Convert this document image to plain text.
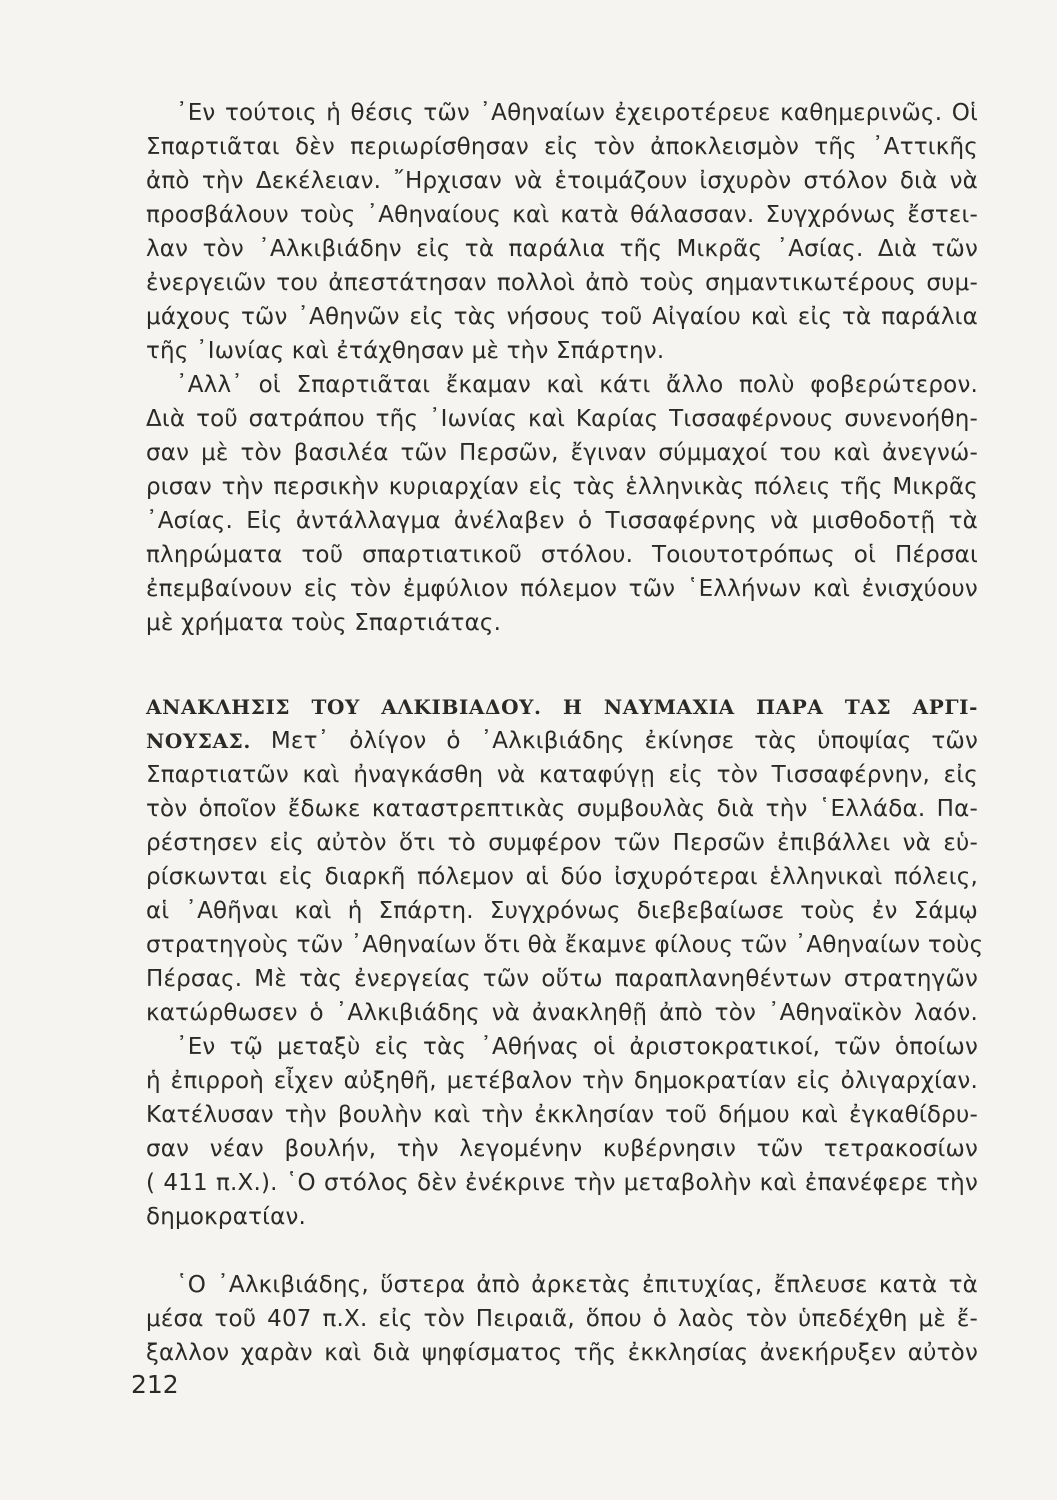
᾿Εν τούτοις ἡ θέσις τῶν ᾿Αθηναίων ἐχειροτέρευε καθημερινῶς. Οἱ
Σπαρτιᾶται δὲν περιωρίσθησαν εἰς τὸν ἀποκλεισμὸν τῆς ᾿Αττικῆς
ἀπὸ τὴν Δεκέλειαν. ῎Ηρχισαν νὰ ἑτοιμάζουν ἰσχυρὸν στόλον διὰ νὰ
προσβάλουν τοὺς ᾿Αθηναίους καὶ κατὰ θάλασσαν. Συγχρόνως ἔστει-
λαν τὸν ᾿Αλκιβιάδην εἰς τὰ παράλια τῆς Μικρᾶς ᾿Ασίας. Διὰ τῶν
ἐνεργειῶν του ἀπεστάτησαν πολλοὶ ἀπὸ τοὺς σημαντικωτέρους συμ-
μάχους τῶν ᾿Αθηνῶν εἰς τὰς νήσους τοῦ Αἰγαίου καὶ εἰς τὰ παράλια
τῆς ᾿Ιωνίας καὶ ἐτάχθησαν μὲ τὴν Σπάρτην.
᾿Αλλ᾿ οἱ Σπαρτιᾶται ἔκαμαν καὶ κάτι ἄλλο πολὺ φοβερώτερον.
Διὰ τοῦ σατράπου τῆς ᾿Ιωνίας καὶ Καρίας Τισσαφέρνους συνενοήθη-
σαν μὲ τὸν βασιλέα τῶν Περσῶν, ἔγιναν σύμμαχοί του καὶ ἀνεγνώ-
ρισαν τὴν περσικὴν κυριαρχίαν εἰς τὰς ἑλληνικὰς πόλεις τῆς Μικρᾶς
᾿Ασίας. Εἰς ἀντάλλαγμα ἀνέλαβεν ὁ Τισσαφέρνης νὰ μισθοδοτῇ τὰ
πληρώματα τοῦ σπαρτιατικοῦ στόλου. Τοιουτοτρόπως οἱ Πέρσαι
ἐπεμβαίνουν εἰς τὸν ἐμφύλιον πόλεμον τῶν ῾Ελλήνων καὶ ἐνισχύουν
μὲ χρήματα τοὺς Σπαρτιάτας.
ΑΝΑΚΛΗΣΙΣ ΤΟΥ ΑΛΚΙΒΙΑΔΟΥ. Η ΝΑΥΜΑΧΙΑ ΠΑΡΑ ΤΑΣ ΑΡΓΙ-
ΝΟΥΣΑΣ. Μετ᾿ ὀλίγον ὁ ᾿Αλκιβιάδης ἐκίνησε τὰς ὑποψίας τῶν
Σπαρτιατῶν καὶ ἠναγκάσθη νὰ καταφύγῃ εἰς τὸν Τισσαφέρνην, εἰς
τὸν ὁποῖον ἔδωκε καταστρεπτικὰς συμβουλὰς διὰ τὴν ῾Ελλάδα. Πα-
ρέστησεν εἰς αὐτὸν ὅτι τὸ συμφέρον τῶν Περσῶν ἐπιβάλλει νὰ εὑ-
ρίσκωνται εἰς διαρκῆ πόλεμον αἱ δύο ἰσχυρότεραι ἑλληνικαὶ πόλεις,
αἱ ᾿Αθῆναι καὶ ἡ Σπάρτη. Συγχρόνως διεβεβαίωσε τοὺς ἐν Σάμῳ
στρατηγοὺς τῶν ᾿Αθηναίων ὅτι θὰ ἔκαμνε φίλους τῶν ᾿Αθηναίων τοὺς
Πέρσας. Μὲ τὰς ἐνεργείας τῶν οὕτω παραπλανηθέντων στρατηγῶν
κατώρθωσεν ὁ ᾿Αλκιβιάδης νὰ ἀνακληθῇ ἀπὸ τὸν ᾿Αθηναϊκὸν λαόν.
᾿Εν τῷ μεταξὺ εἰς τὰς ᾿Αθήνας οἱ ἀριστοκρατικοί, τῶν ὁποίων
ἡ ἐπιρροὴ εἶχεν αὐξηθῆ, μετέβαλον τὴν δημοκρατίαν εἰς ὀλιγαρχίαν.
Κατέλυσαν τὴν βουλὴν καὶ τὴν ἐκκλησίαν τοῦ δήμου καὶ ἐγκαθίδρυ-
σαν νέαν βουλήν, τὴν λεγομένην κυβέρνησιν τῶν τετρακοσίων
( 411 π.Χ.). ῾Ο στόλος δὲν ἐνέκρινε τὴν μεταβολὴν καὶ ἐπανέφερε τὴν
δημοκρατίαν.
῾Ο ᾿Αλκιβιάδης, ὕστερα ἀπὸ ἀρκετὰς ἐπιτυχίας, ἔπλευσε κατὰ τὰ
μέσα τοῦ 407 π.Χ. εἰς τὸν Πειραιᾶ, ὅπου ὁ λαὸς τὸν ὑπεδέχθη μὲ ἔ-
ξαλλον χαρὰν καὶ διὰ ψηφίσματος τῆς ἐκκλησίας ἀνεκήρυξεν αὐτὸν
212
